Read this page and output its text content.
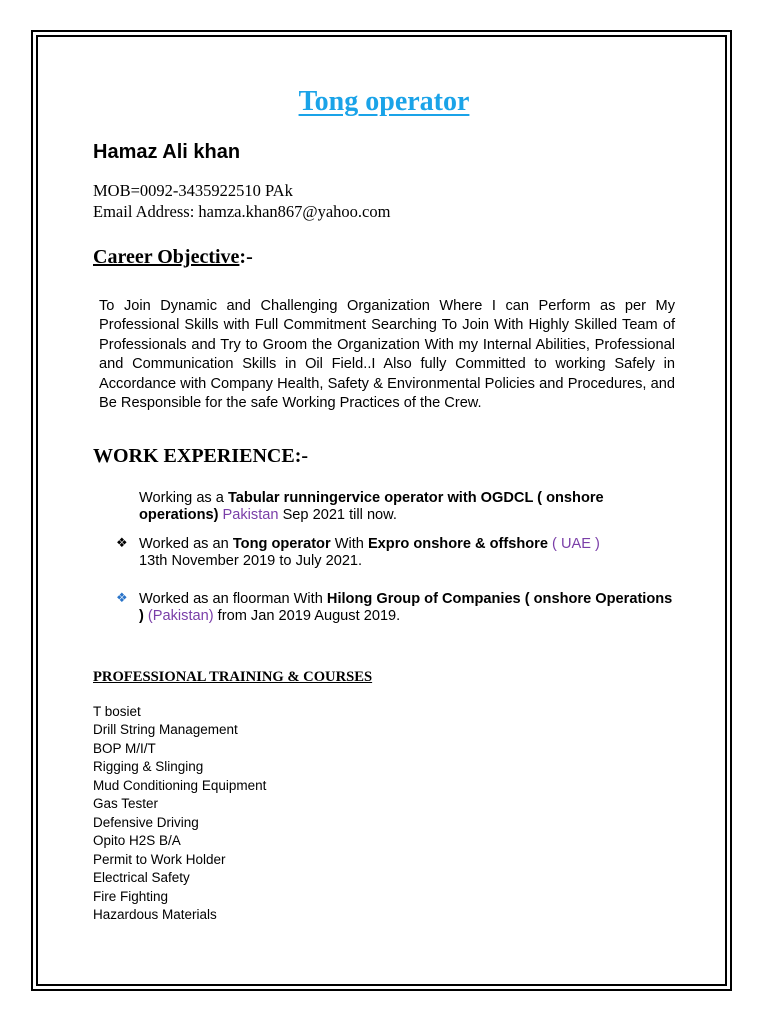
Tong operator
Hamaz Ali khan
MOB=0092-3435922510 PAk
Email Address: hamza.khan867@yahoo.com
Career Objective:-

To Join Dynamic and Challenging Organization Where I can Perform as per My Professional Skills with Full Commitment Searching To Join With Highly Skilled Team of Professionals and Try to Groom the Organization With my Internal Abilities, Professional and Communication Skills in Oil Field..I Also fully Committed to working Safely in Accordance with Company Health, Safety & Environmental Policies and Procedures, and Be Responsible for the safe Working Practices of the Crew.

WORK EXPERIENCE:-
Working as a Tabular runningervice operator with OGDCL ( onshore operations) Pakistan Sep 2021 till now.
❖ Worked as an Tong operator With Expro onshore & offshore ( UAE )
13th November 2019 to July 2021.
❖ Worked as an floorman With Hilong Group of Companies ( onshore Operations ) (Pakistan) from Jan 2019 August 2019.
PROFESSIONAL TRAINING & COURSES
T bosiet
Drill String Management
BOP M/I/T
Rigging & Slinging
Mud Conditioning Equipment
Gas Tester
Defensive Driving
Opito H2S B/A
Permit to Work Holder
Electrical Safety
Fire Fighting
Hazardous Materials
